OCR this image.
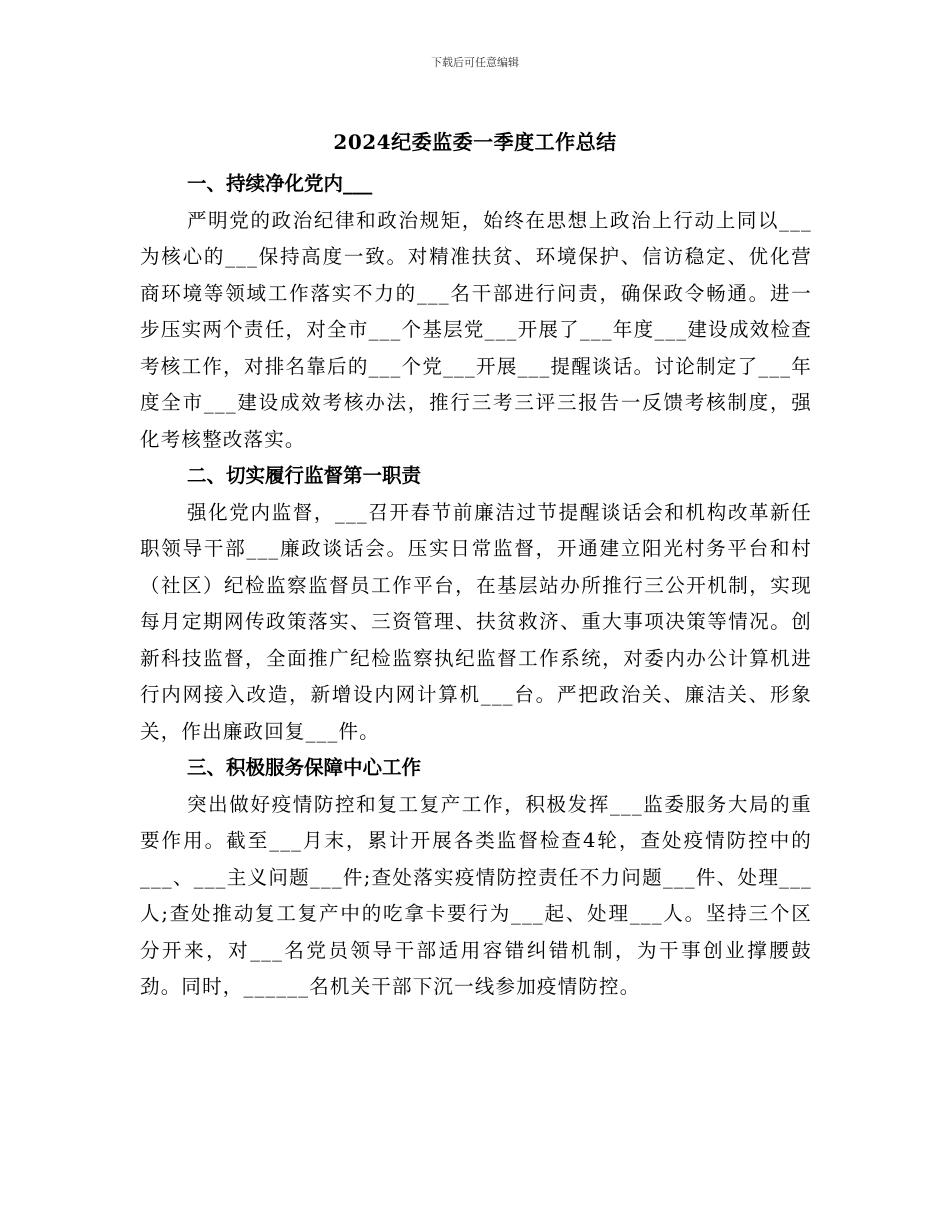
下载后可任意编辑
2024纪委监委一季度工作总结

一、持续净化党内___

严明党的政治纪律和政治规矩，始终在思想上政治上行动上同以___为核心的___保持高度一致。对精准扶贫、环境保护、信访稳定、优化营商环境等领域工作落实不力的___名干部进行问责，确保政令畅通。进一步压实两个责任，对全市___个基层党___开展了___年度___建设成效检查考核工作，对排名靠后的___个党___开展___提醒谈话。讨论制定了___年度全市___建设成效考核办法，推行三考三评三报告一反馈考核制度，强化考核整改落实。

二、切实履行监督第一职责

强化党内监督，___召开春节前廉洁过节提醒谈话会和机构改革新任职领导干部___廉政谈话会。压实日常监督，开通建立阳光村务平台和村（社区）纪检监察监督员工作平台，在基层站办所推行三公开机制，实现每月定期网传政策落实、三资管理、扶贫救济、重大事项决策等情况。创新科技监督，全面推广纪检监察执纪监督工作系统，对委内办公计算机进行内网接入改造，新增设内网计算机___台。严把政治关、廉洁关、形象关，作出廉政回复___件。

三、积极服务保障中心工作

突出做好疫情防控和复工复产工作，积极发挥___监委服务大局的重要作用。截至___月末，累计开展各类监督检查4轮，查处疫情防控中的___、___主义问题___件;查处落实疫情防控责任不力问题___件、处理___人;查处推动复工复产中的吃拿卡要行为___起、处理___人。坚持三个区分开来，对___名党员领导干部适用容错纠错机制，为干事创业撑腰鼓劲。同时，______名机关干部下沉一线参加疫情防控。
